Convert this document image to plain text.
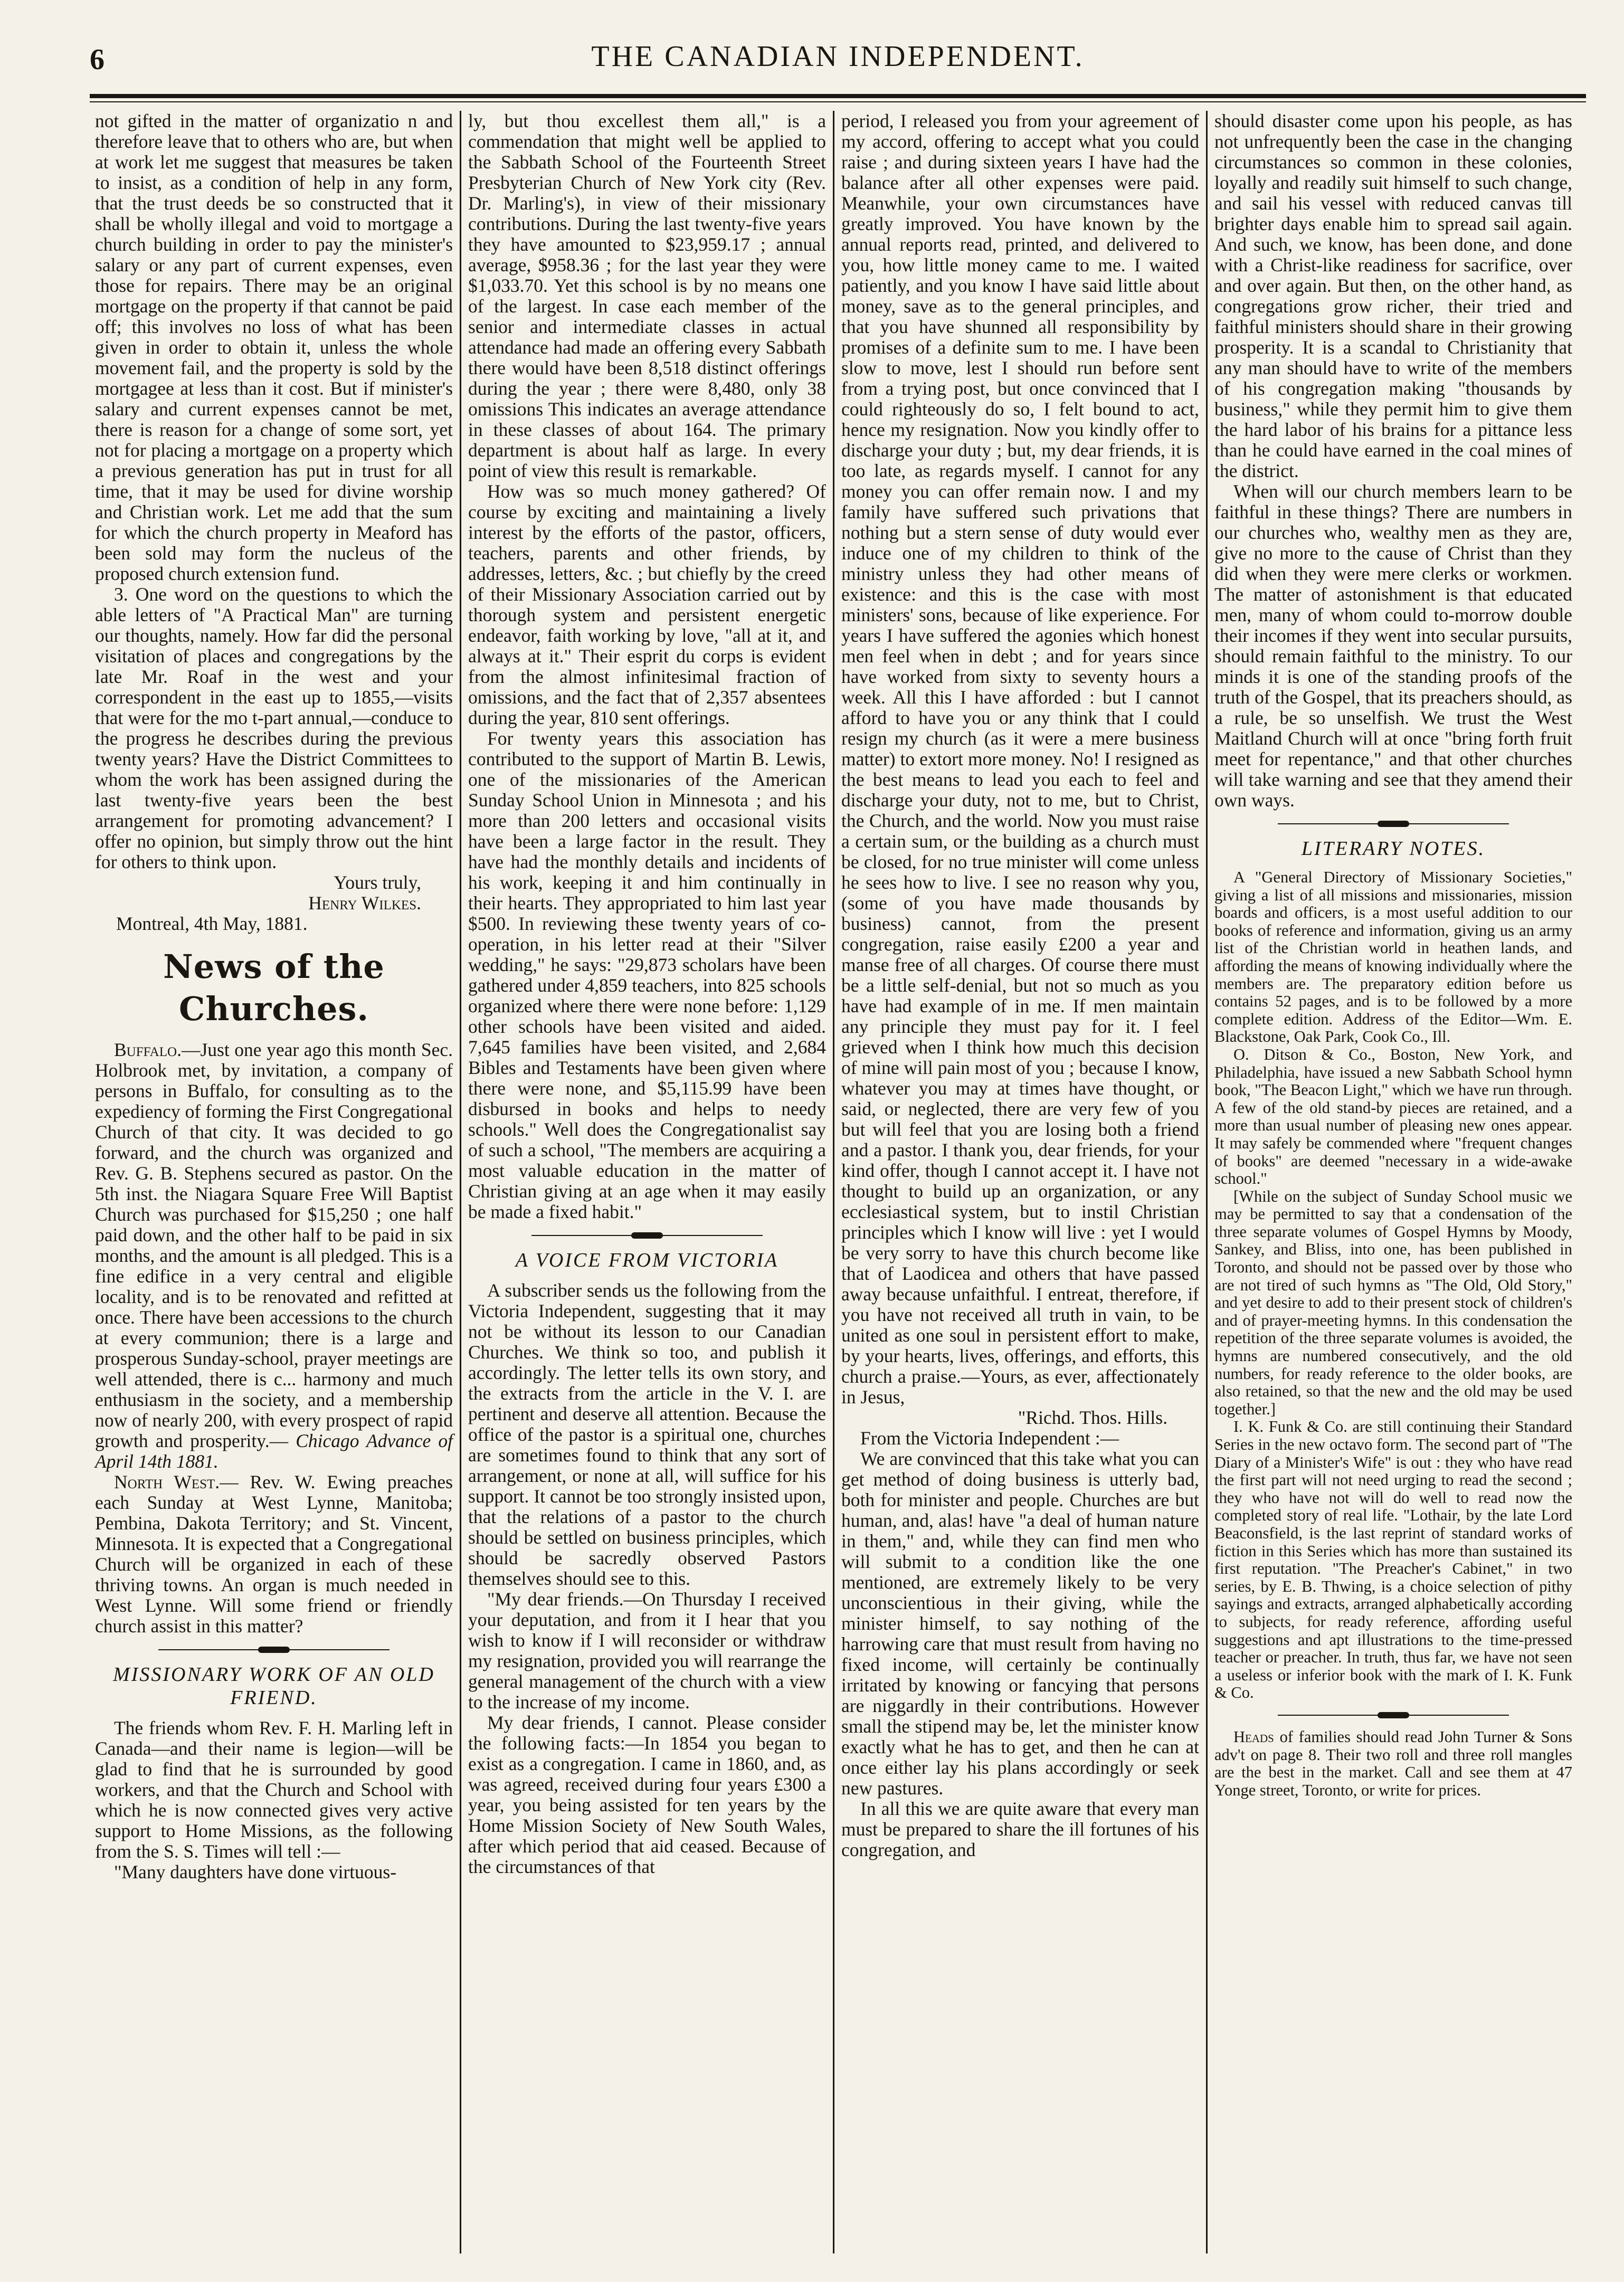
6	THE CANADIAN INDEPENDENT.

not gifted in the matter of organizatio n and therefore leave that to others who are, but when at work let me suggest that measures be taken to insist, as a condition of help in any form, that the trust deeds be so constructed that it shall be wholly illegal and void to mortgage a church building in order to pay the minister's salary or any part of current expenses, even those for repairs. There may be an original mortgage on the property if that cannot be paid off; this involves no loss of what has been given in order to obtain it, unless the whole movement fail, and the property is sold by the mortgagee at less than it cost. But if minister's salary and current expenses cannot be met, there is reason for a change of some sort, yet not for placing a mortgage on a property which a previous generation has put in trust for all time, that it may be used for divine worship and Christian work. Let me add that the sum for which the church property in Meaford has been sold may form the nucleus of the proposed church extension fund.

3. One word on the questions to which the able letters of "A Practical Man" are turning our thoughts, namely. How far did the personal visitation of places and congregations by the late Mr. Roaf in the west and your correspondent in the east up to 1855,—visits that were for the mo t-part annual,—conduce to the progress he describes during the previous twenty years? Have the District Committees to whom the work has been assigned during the last twenty-five years been the best arrangement for promoting advancement? I offer no opinion, but simply throw out the hint for others to think upon.

Yours truly,
Henry Wilkes.
Montreal, 4th May, 1881.
News of the Churches.

Buffalo.—Just one year ago this month Sec. Holbrook met, by invitation, a company of persons in Buffalo, for consulting as to the expediency of forming the First Congregational Church of that city. It was decided to go forward, and the church was organized and Rev. G. B. Stephens secured as pastor. On the 5th inst. the Niagara Square Free Will Baptist Church was purchased for $15,250 ; one half paid down, and the other half to be paid in six months, and the amount is all pledged. This is a fine edifice in a very central and eligible locality, and is to be renovated and refitted at once. There have been accessions to the church at every communion; there is a large and prosperous Sunday-school, prayer meetings are well attended, there is c... harmony and much enthusiasm in the society, and a membership now of nearly 200, with every prospect of rapid growth and prosperity.— Chicago Advance of April 14th 1881.

North West.— Rev. W. Ewing preaches each Sunday at West Lynne, Manitoba; Pembina, Dakota Territory; and St. Vincent, Minnesota. It is expected that a Congregational Church will be organized in each of these thriving towns. An organ is much needed in West Lynne. Will some friend or friendly church assist in this matter?

MISSIONARY WORK OF AN OLD FRIEND.

The friends whom Rev. F. H. Marling left in Canada—and their name is legion—will be glad to find that he is surrounded by good workers, and that the Church and School with which he is now connected gives very active support to Home Missions, as the following from the S. S. Times will tell :—

"Many daughters have done virtuous-

ly, but thou excellest them all," is a commendation that might well be applied to the Sabbath School of the Fourteenth Street Presbyterian Church of New York city (Rev. Dr. Marling's), in view of their missionary contributions. During the last twenty-five years they have amounted to $23,959.17 ; annual average, $958.36 ; for the last year they were $1,033.70. Yet this school is by no means one of the largest. In case each member of the senior and intermediate classes in actual attendance had made an offering every Sabbath there would have been 8,518 distinct offerings during the year ; there were 8,480, only 38 omissions This indicates an average attendance in these classes of about 164. The primary department is about half as large. In every point of view this result is remarkable.

How was so much money gathered? Of course by exciting and maintaining a lively interest by the efforts of the pastor, officers, teachers, parents and other friends, by addresses, letters, &c. ; but chiefly by the creed of their Missionary Association carried out by thorough system and persistent energetic endeavor, faith working by love, "all at it, and always at it." Their esprit du corps is evident from the almost infinitesimal fraction of omissions, and the fact that of 2,357 absentees during the year, 810 sent offerings.

For twenty years this association has contributed to the support of Martin B. Lewis, one of the missionaries of the American Sunday School Union in Minnesota ; and his more than 200 letters and occasional visits have been a large factor in the result. They have had the monthly details and incidents of his work, keeping it and him continually in their hearts. They appropriated to him last year $500. In reviewing these twenty years of co-operation, in his letter read at their "Silver wedding," he says: "29,873 scholars have been gathered under 4,859 teachers, into 825 schools organized where there were none before: 1,129 other schools have been visited and aided. 7,645 families have been visited, and 2,684 Bibles and Testaments have been given where there were none, and $5,115.99 have been disbursed in books and helps to needy schools." Well does the Congregationalist say of such a school, "The members are acquiring a most valuable education in the matter of Christian giving at an age when it may easily be made a fixed habit."

A VOICE FROM VICTORIA

A subscriber sends us the following from the Victoria Independent, suggesting that it may not be without its lesson to our Canadian Churches. We think so too, and publish it accordingly. The letter tells its own story, and the extracts from the article in the V. I. are pertinent and deserve all attention. Because the office of the pastor is a spiritual one, churches are sometimes found to think that any sort of arrangement, or none at all, will suffice for his support. It cannot be too strongly insisted upon, that the relations of a pastor to the church should be settled on business principles, which should be sacredly observed Pastors themselves should see to this.

"My dear friends.—On Thursday I received your deputation, and from it I hear that you wish to know if I will reconsider or withdraw my resignation, provided you will rearrange the general management of the church with a view to the increase of my income.

My dear friends, I cannot. Please consider the following facts:—In 1854 you began to exist as a congregation. I came in 1860, and, as was agreed, received during four years £300 a year, you being assisted for ten years by the Home Mission Society of New South Wales, after which period that aid ceased. Because of the circumstances of that

period, I released you from your agreement of my accord, offering to accept what you could raise ; and during sixteen years I have had the balance after all other expenses were paid. Meanwhile, your own circumstances have greatly improved. You have known by the annual reports read, printed, and delivered to you, how little money came to me. I waited patiently, and you know I have said little about money, save as to the general principles, and that you have shunned all responsibility by promises of a definite sum to me. I have been slow to move, lest I should run before sent from a trying post, but once convinced that I could righteously do so, I felt bound to act, hence my resignation. Now you kindly offer to discharge your duty ; but, my dear friends, it is too late, as regards myself. I cannot for any money you can offer remain now. I and my family have suffered such privations that nothing but a stern sense of duty would ever induce one of my children to think of the ministry unless they had other means of existence: and this is the case with most ministers' sons, because of like experience. For years I have suffered the agonies which honest men feel when in debt ; and for years since have worked from sixty to seventy hours a week. All this I have afforded : but I cannot afford to have you or any think that I could resign my church (as it were a mere business matter) to extort more money. No! I resigned as the best means to lead you each to feel and discharge your duty, not to me, but to Christ, the Church, and the world. Now you must raise a certain sum, or the building as a church must be closed, for no true minister will come unless he sees how to live. I see no reason why you, (some of you have made thousands by business) cannot, from the present congregation, raise easily £200 a year and manse free of all charges. Of course there must be a little self-denial, but not so much as you have had example of in me. If men maintain any principle they must pay for it. I feel grieved when I think how much this decision of mine will pain most of you ; because I know, whatever you may at times have thought, or said, or neglected, there are very few of you but will feel that you are losing both a friend and a pastor. I thank you, dear friends, for your kind offer, though I cannot accept it. I have not thought to build up an organization, or any ecclesiastical system, but to instil Christian principles which I know will live : yet I would be very sorry to have this church become like that of Laodicea and others that have passed away because unfaithful. I entreat, therefore, if you have not received all truth in vain, to be united as one soul in persistent effort to make, by your hearts, lives, offerings, and efforts, this church a praise.—Yours, as ever, affectionately in Jesus,

"Richd. Thos. Hills.

From the Victoria Independent :—

We are convinced that this take what you can get method of doing business is utterly bad, both for minister and people. Churches are but human, and, alas! have "a deal of human nature in them," and, while they can find men who will submit to a condition like the one mentioned, are extremely likely to be very unconscientious in their giving, while the minister himself, to say nothing of the harrowing care that must result from having no fixed income, will certainly be continually irritated by knowing or fancying that persons are niggardly in their contributions. However small the stipend may be, let the minister know exactly what he has to get, and then he can at once either lay his plans accordingly or seek new pastures.

In all this we are quite aware that every man must be prepared to share the ill fortunes of his congregation, and

should disaster come upon his people, as has not unfrequently been the case in the changing circumstances so common in these colonies, loyally and readily suit himself to such change, and sail his vessel with reduced canvas till brighter days enable him to spread sail again. And such, we know, has been done, and done with a Christ-like readiness for sacrifice, over and over again. But then, on the other hand, as congregations grow richer, their tried and faithful ministers should share in their growing prosperity. It is a scandal to Christianity that any man should have to write of the members of his congregation making "thousands by business," while they permit him to give them the hard labor of his brains for a pittance less than he could have earned in the coal mines of the district.

When will our church members learn to be faithful in these things? There are numbers in our churches who, wealthy men as they are, give no more to the cause of Christ than they did when they were mere clerks or workmen. The matter of astonishment is that educated men, many of whom could to-morrow double their incomes if they went into secular pursuits, should remain faithful to the ministry. To our minds it is one of the standing proofs of the truth of the Gospel, that its preachers should, as a rule, be so unselfish. We trust the West Maitland Church will at once "bring forth fruit meet for repentance," and that other churches will take warning and see that they amend their own ways.

LITERARY NOTES.

A "General Directory of Missionary Societies," giving a list of all missions and missionaries, mission boards and officers, is a most useful addition to our books of reference and information, giving us an army list of the Christian world in heathen lands, and affording the means of knowing individually where the members are. The preparatory edition before us contains 52 pages, and is to be followed by a more complete edition. Address of the Editor—Wm. E. Blackstone, Oak Park, Cook Co., Ill.

O. Ditson & Co., Boston, New York, and Philadelphia, have issued a new Sabbath School hymn book, "The Beacon Light," which we have run through. A few of the old stand-by pieces are retained, and a more than usual number of pleasing new ones appear. It may safely be commended where "frequent changes of books" are deemed "necessary in a wide-awake school."

[While on the subject of Sunday School music we may be permitted to say that a condensation of the three separate volumes of Gospel Hymns by Moody, Sankey, and Bliss, into one, has been published in Toronto, and should not be passed over by those who are not tired of such hymns as "The Old, Old Story," and yet desire to add to their present stock of children's and of prayer-meeting hymns. In this condensation the repetition of the three separate volumes is avoided, the hymns are numbered consecutively, and the old numbers, for ready reference to the older books, are also retained, so that the new and the old may be used together.]

I. K. Funk & Co. are still continuing their Standard Series in the new octavo form. The second part of "The Diary of a Minister's Wife" is out : they who have read the first part will not need urging to read the second ; they who have not will do well to read now the completed story of real life. "Lothair, by the late Lord Beaconsfield, is the last reprint of standard works of fiction in this Series which has more than sustained its first reputation. "The Preacher's Cabinet," in two series, by E. B. Thwing, is a choice selection of pithy sayings and extracts, arranged alphabetically according to subjects, for ready reference, affording useful suggestions and apt illustrations to the time-pressed teacher or preacher. In truth, thus far, we have not seen a useless or inferior book with the mark of I. K. Funk & Co.

Heads of families should read John Turner & Sons adv't on page 8. Their two roll and three roll mangles are the best in the market. Call and see them at 47 Yonge street, Toronto, or write for prices.
